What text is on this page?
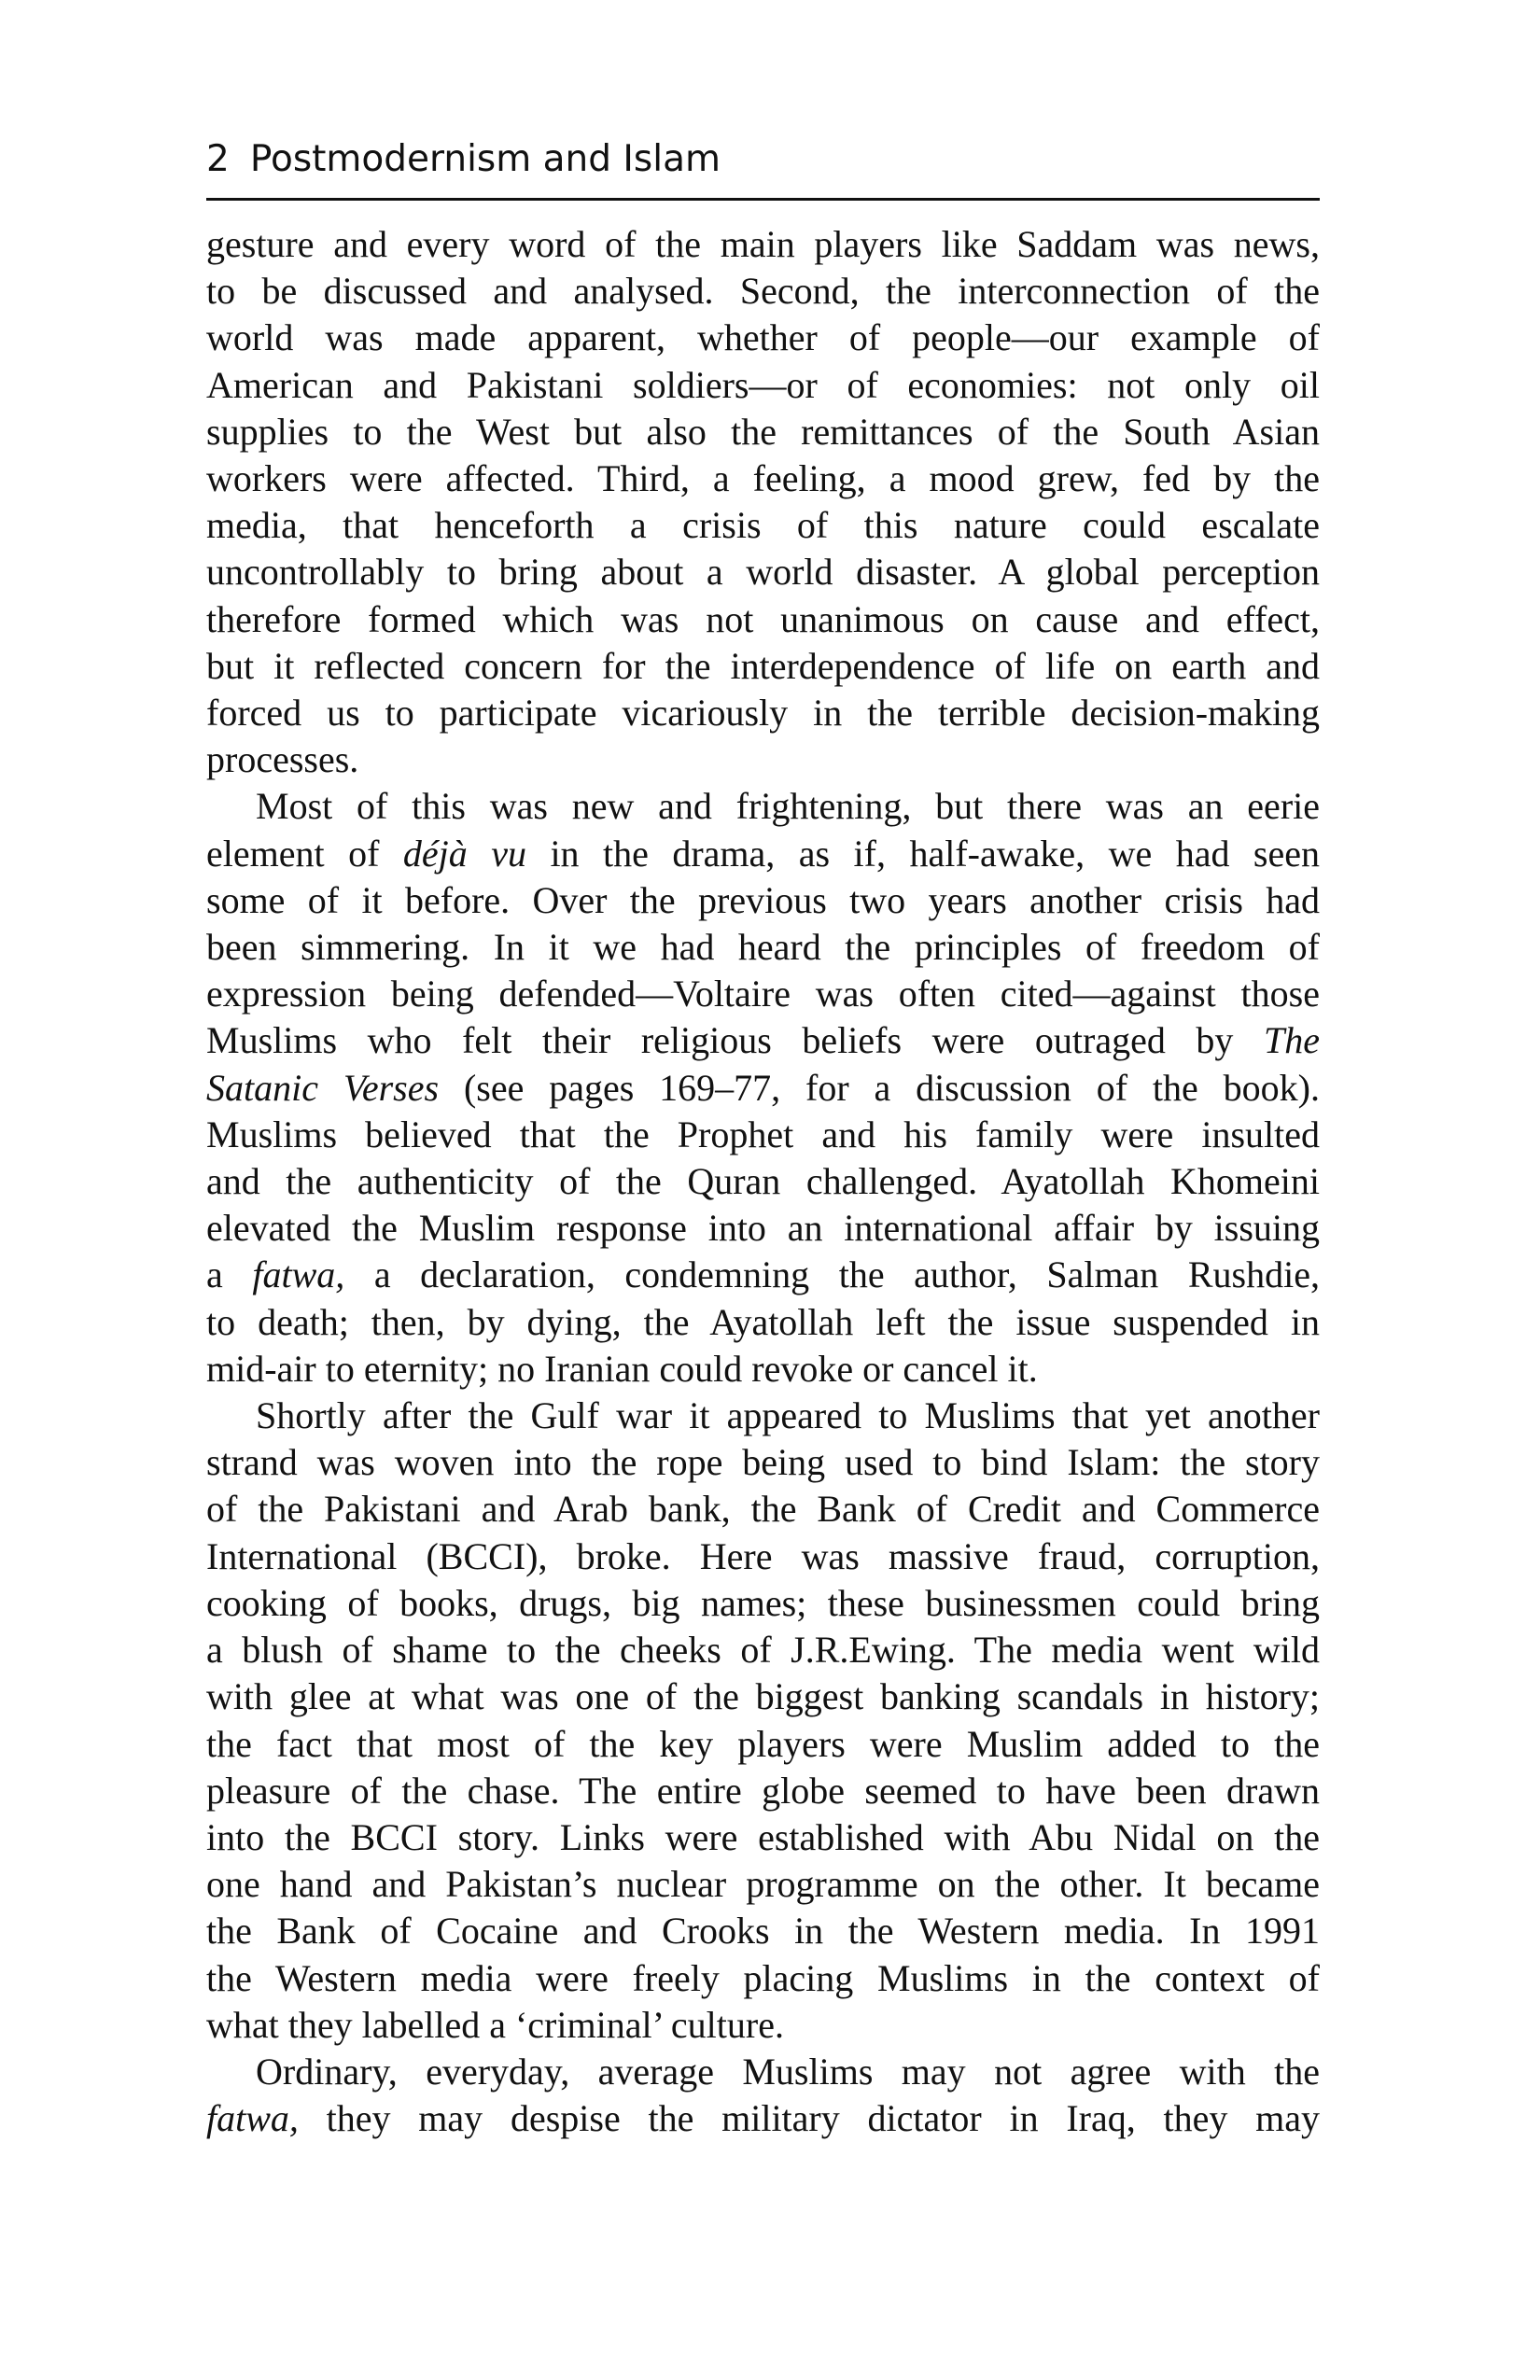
2 Postmodernism and Islam
gesture and every word of the main players like Saddam was news,
to be discussed and analysed. Second, the interconnection of the
world was made apparent, whether of people—our example of
American and Pakistani soldiers—or of economies: not only oil
supplies to the West but also the remittances of the South Asian
workers were affected. Third, a feeling, a mood grew, fed by the
media, that henceforth a crisis of this nature could escalate
uncontrollably to bring about a world disaster. A global perception
therefore formed which was not unanimous on cause and effect,
but it reflected concern for the interdependence of life on earth and
forced us to participate vicariously in the terrible decision-making
processes.
Most of this was new and frightening, but there was an eerie
element of déjà vu in the drama, as if, half-awake, we had seen
some of it before. Over the previous two years another crisis had
been simmering. In it we had heard the principles of freedom of
expression being defended—Voltaire was often cited—against those
Muslims who felt their religious beliefs were outraged by The
Satanic Verses (see pages 169–77, for a discussion of the book).
Muslims believed that the Prophet and his family were insulted
and the authenticity of the Quran challenged. Ayatollah Khomeini
elevated the Muslim response into an international affair by issuing
a fatwa, a declaration, condemning the author, Salman Rushdie,
to death; then, by dying, the Ayatollah left the issue suspended in
mid-air to eternity; no Iranian could revoke or cancel it.
Shortly after the Gulf war it appeared to Muslims that yet another
strand was woven into the rope being used to bind Islam: the story
of the Pakistani and Arab bank, the Bank of Credit and Commerce
International (BCCI), broke. Here was massive fraud, corruption,
cooking of books, drugs, big names; these businessmen could bring
a blush of shame to the cheeks of J.R.Ewing. The media went wild
with glee at what was one of the biggest banking scandals in history;
the fact that most of the key players were Muslim added to the
pleasure of the chase. The entire globe seemed to have been drawn
into the BCCI story. Links were established with Abu Nidal on the
one hand and Pakistan’s nuclear programme on the other. It became
the Bank of Cocaine and Crooks in the Western media. In 1991
the Western media were freely placing Muslims in the context of
what they labelled a ‘criminal’ culture.
Ordinary, everyday, average Muslims may not agree with the
fatwa, they may despise the military dictator in Iraq, they may
